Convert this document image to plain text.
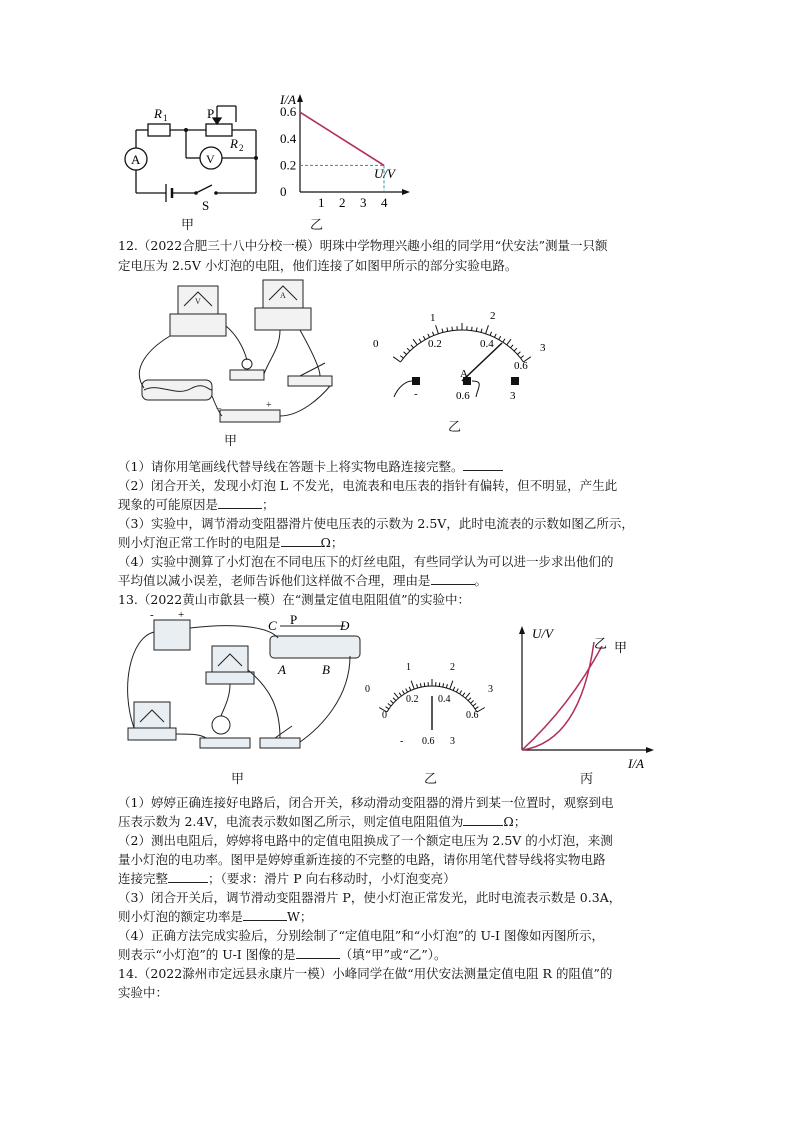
R 1	P
R 2
A	V
S
甲
0.6
0.4
0.2
0
1 2 3 4
I/A
U/V
乙
12.（2022合肥三十八中分校一模）明珠中学物理兴趣小组的同学用“伏安法”测量一只额
定电压为 2.5V 小灯泡的电阻，他们连接了如图甲所示的部分实验电路。
V
A
−	+
甲
0	0.2	0.4
0.6
1	2
3
-
A
0.6	3
乙
（1）请你用笔画线代替导线在答题卡上将实物电路连接完整。
（2）闭合开关，发现小灯泡 L 不发光，电流表和电压表的指针有偏转，但不明显，产生此
现象的可能原因是	；
（3）实验中，调节滑动变阻器滑片使电压表的示数为 2.5V，此时电流表的示数如图乙所示，
则小灯泡正常工作时的电阻是	Ω；
（4）实验中测算了小灯泡在不同电压下的灯丝电阻，有些同学认为可以进一步求出他们的
平均值以减小误差，老师告诉他们这样做不合理，理由是	。
13.（2022黄山市歙县一模）在“测量定值电阻阻值”的实验中：
- +
C P	D
A	B
甲
0
1	2
3
0
0.2 0.4
0.6
- 0.6 3
乙
U/V
I/A
乙 甲
丙
（1）婷婷正确连接好电路后，闭合开关，移动滑动变阻器的滑片到某一位置时，观察到电
压表示数为 2.4V，电流表示数如图乙所示，则定值电阻阻值为	Ω；
（2）测出电阻后，婷婷将电路中的定值电阻换成了一个额定电压为 2.5V 的小灯泡，来测
量小灯泡的电功率。图甲是婷婷重新连接的不完整的电路，请你用笔代替导线将实物电路
连接完整	；（要求：滑片 P 向右移动时，小灯泡变亮）
（3）闭合开关后，调节滑动变阻器滑片 P，使小灯泡正常发光，此时电流表示数是 0.3A，
则小灯泡的额定功率是	W；
（4）正确方法完成实验后，分别绘制了“定值电阻”和“小灯泡”的 U-I 图像如丙图所示，
则表示“小灯泡”的 U-I 图像的是	（填“甲”或“乙”）。
14.（2022滁州市定远县永康片一模）小峰同学在做“用伏安法测量定值电阻 R 的阻值”的
实验中：
